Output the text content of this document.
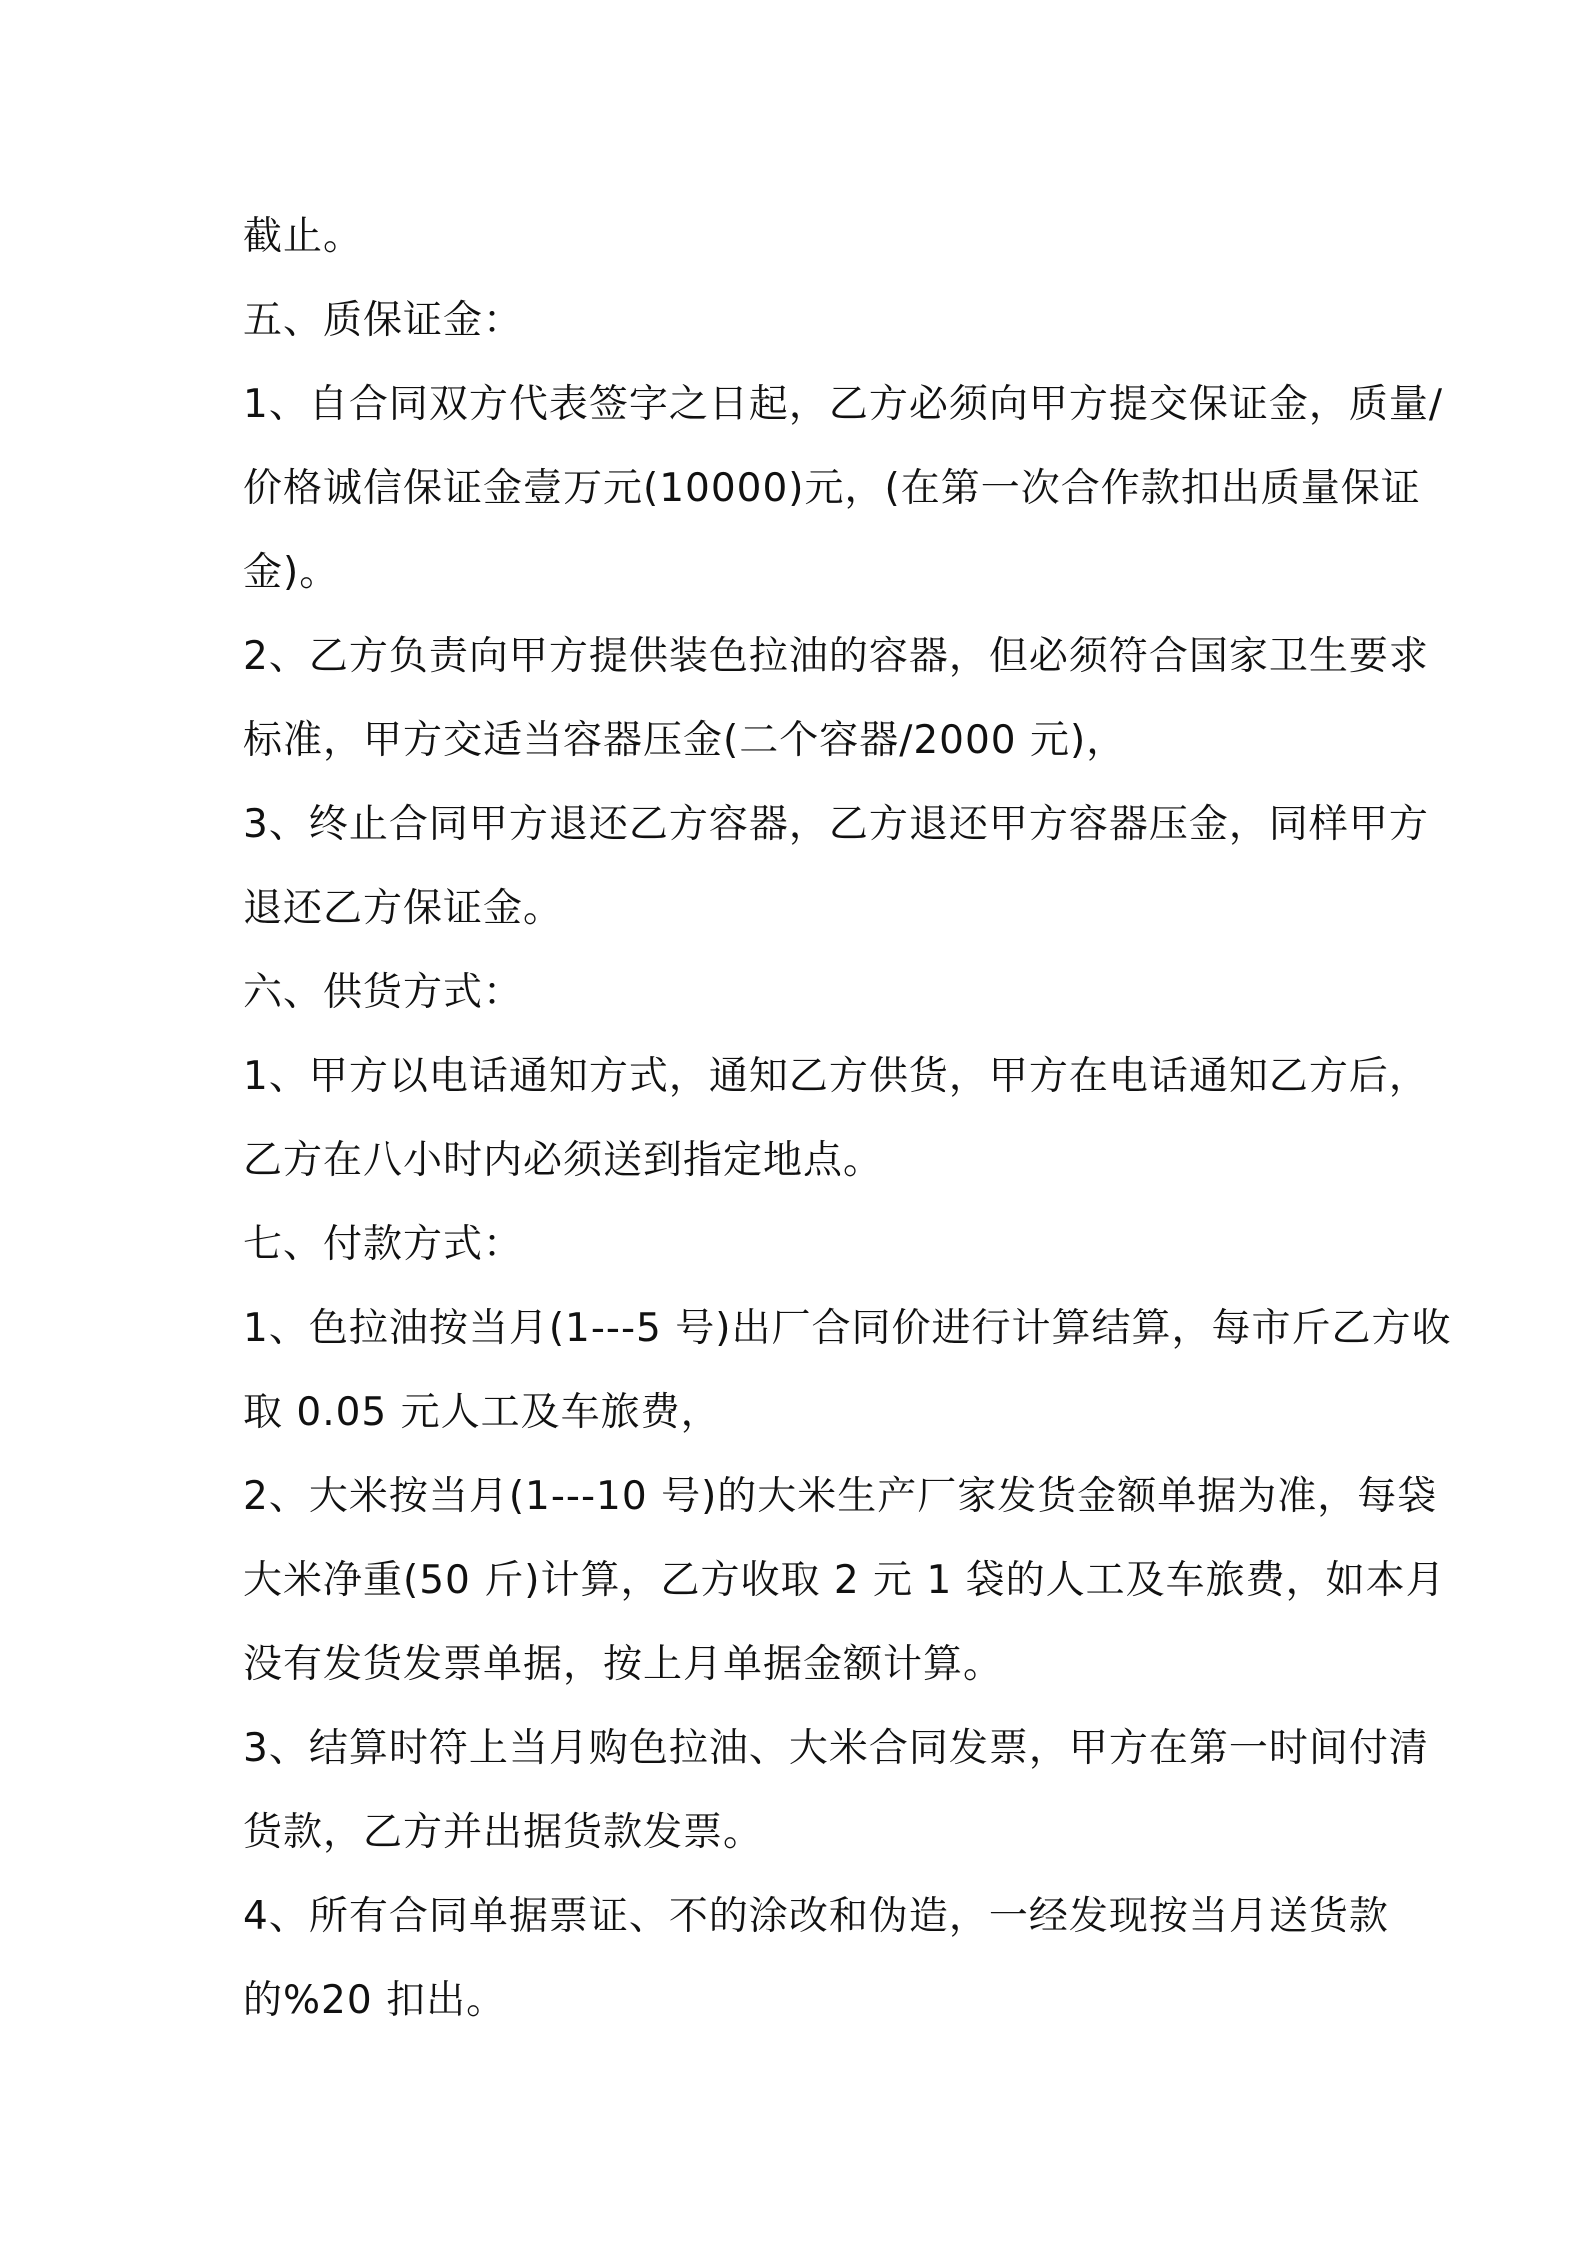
截止。
五、质保证金：
1、自合同双方代表签字之日起，乙方必须向甲方提交保证金，质量/
价格诚信保证金壹万元(10000)元，(在第一次合作款扣出质量保证
金)。
2、乙方负责向甲方提供装色拉油的容器，但必须符合国家卫生要求
标准，甲方交适当容器压金(二个容器/2000 元)，
3、终止合同甲方退还乙方容器，乙方退还甲方容器压金，同样甲方
退还乙方保证金。
六、供货方式：
1、甲方以电话通知方式，通知乙方供货，甲方在电话通知乙方后，
乙方在八小时内必须送到指定地点。
七、付款方式：
1、色拉油按当月(1---5 号)出厂合同价进行计算结算，每市斤乙方收
取 0.05 元人工及车旅费，
2、大米按当月(1---10 号)的大米生产厂家发货金额单据为准，每袋
大米净重(50 斤)计算，乙方收取 2 元 1 袋的人工及车旅费，如本月
没有发货发票单据，按上月单据金额计算。
3、结算时符上当月购色拉油、大米合同发票，甲方在第一时间付清
货款，乙方并出据货款发票。
4、所有合同单据票证、不的涂改和伪造，一经发现按当月送货款
的%20 扣出。
